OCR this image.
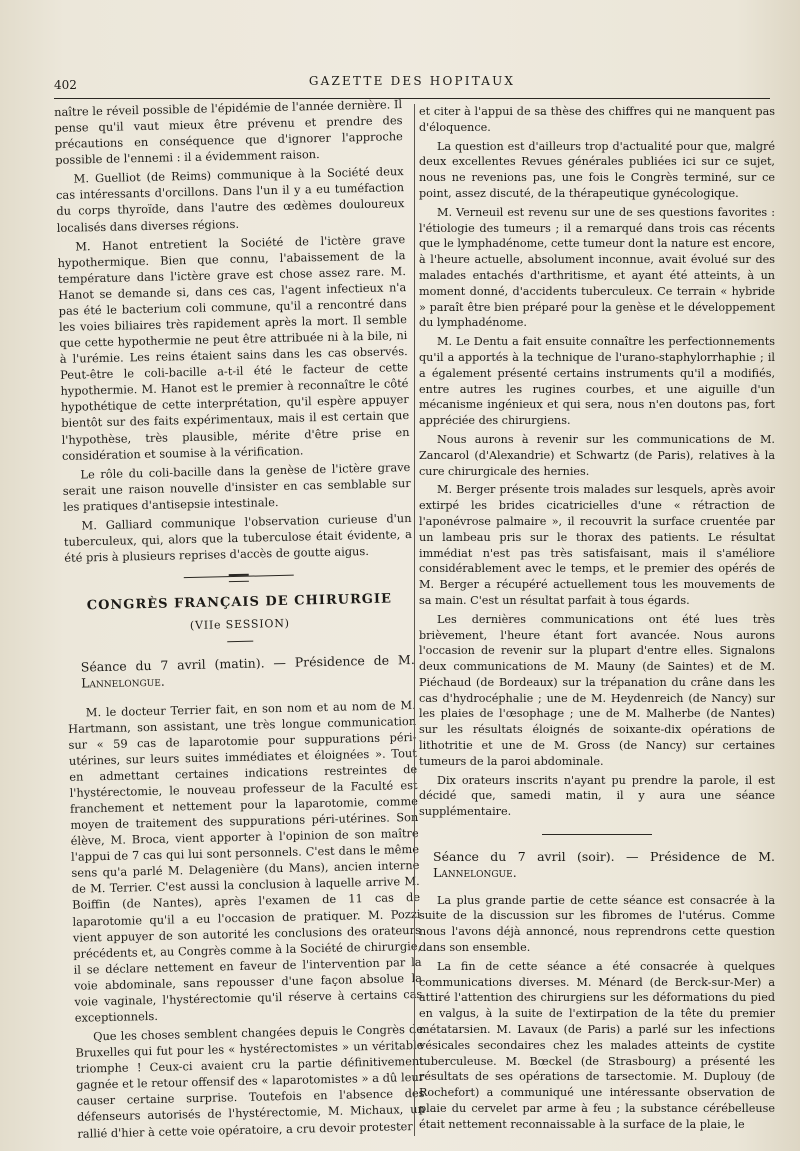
402	GAZETTE DES HOPITAUX

naître le réveil possible de l'épidémie de l'année dernière. Il pense qu'il vaut mieux être prévenu et prendre des précautions en conséquence que d'ignorer l'approche possible de l'ennemi : il a évidemment raison.

M. Guelliot (de Reims) communique à la Société deux cas intéressants d'orcillons. Dans l'un il y a eu tuméfaction du corps thyroïde, dans l'autre des œdèmes douloureux localisés dans diverses régions.

M. Hanot entretient la Société de l'ictère grave hypothermique. Bien que connu, l'abaissement de la température dans l'ictère grave est chose assez rare. M. Hanot se demande si, dans ces cas, l'agent infectieux n'a pas été le bacterium coli commune, qu'il a rencontré dans les voies biliaires très rapidement après la mort. Il semble que cette hypothermie ne peut être attribuée ni à la bile, ni à l'urémie. Les reins étaient sains dans les cas observés. Peut-être le coli-bacille a-t-il été le facteur de cette hypothermie. M. Hanot est le premier à reconnaître le côté hypothétique de cette interprétation, qu'il espère appuyer bientôt sur des faits expérimentaux, mais il est certain que l'hypothèse, très plausible, mérite d'être prise en considération et soumise à la vérification.

Le rôle du coli-bacille dans la genèse de l'ictère grave serait une raison nouvelle d'insister en cas semblable sur les pratiques d'antisepsie intestinale.

M. Galliard communique l'observation curieuse d'un tuberculeux, qui, alors que la tuberculose était évidente, a été pris à plusieurs reprises d'accès de goutte aigus.

CONGRÈS FRANÇAIS DE CHIRURGIE
(VIIe SESSION)
Séance du 7 avril (matin). — Présidence de M. Lannelongue.

M. le docteur Terrier fait, en son nom et au nom de M. Hartmann, son assistant, une très longue communication sur « 59 cas de laparotomie pour suppurations péri-utérines, sur leurs suites immédiates et éloignées ». Tout en admettant certaines indications restreintes de l'hystérectomie, le nouveau professeur de la Faculté est franchement et nettement pour la laparotomie, comme moyen de traitement des suppurations péri-utérines. Son élève, M. Broca, vient apporter à l'opinion de son maître l'appui de 7 cas qui lui sont personnels. C'est dans le même sens qu'a parlé M. Delagenière (du Mans), ancien interne de M. Terrier. C'est aussi la conclusion à laquelle arrive M. Boiffin (de Nantes), après l'examen de 11 cas de laparotomie qu'il a eu l'occasion de pratiquer. M. Pozzi vient appuyer de son autorité les conclusions des orateurs précédents et, au Congrès comme à la Société de chirurgie, il se déclare nettement en faveur de l'intervention par la voie abdominale, sans repousser d'une façon absolue la voie vaginale, l'hystérectomie qu'il réserve à certains cas exceptionnels.

Que les choses semblent changées depuis le Congrès de Bruxelles qui fut pour les « hystérectomistes » un véritable triomphe ! Ceux-ci avaient cru la partie définitivement gagnée et le retour offensif des « laparotomistes » a dû leur causer certaine surprise. Toutefois en l'absence des défenseurs autorisés de l'hystérectomie, M. Michaux, un rallié d'hier à cette voie opératoire, a cru devoir protester

et citer à l'appui de sa thèse des chiffres qui ne manquent pas d'éloquence.

La question est d'ailleurs trop d'actualité pour que, malgré deux excellentes Revues générales publiées ici sur ce sujet, nous ne revenions pas, une fois le Congrès terminé, sur ce point, assez discuté, de la thérapeutique gynécologique.

M. Verneuil est revenu sur une de ses questions favorites : l'étiologie des tumeurs ; il a remarqué dans trois cas récents que le lymphadénome, cette tumeur dont la nature est encore, à l'heure actuelle, absolument inconnue, avait évolué sur des malades entachés d'arthritisme, et ayant été atteints, à un moment donné, d'accidents tuberculeux. Ce terrain « hybride » paraît être bien préparé pour la genèse et le développement du lymphadénome.

M. Le Dentu a fait ensuite connaître les perfectionnements qu'il a apportés à la technique de l'urano-staphylorrhaphie ; il a également présenté certains instruments qu'il a modifiés, entre autres les rugines courbes, et une aiguille d'un mécanisme ingénieux et qui sera, nous n'en doutons pas, fort appréciée des chirurgiens.

Nous aurons à revenir sur les communications de M. Zancarol (d'Alexandrie) et Schwartz (de Paris), relatives à la cure chirurgicale des hernies.

M. Berger présente trois malades sur lesquels, après avoir extirpé les brides cicatricielles d'une « rétraction de l'aponévrose palmaire », il recouvrit la surface cruentée par un lambeau pris sur le thorax des patients. Le résultat immédiat n'est pas très satisfaisant, mais il s'améliore considérablement avec le temps, et le premier des opérés de M. Berger a récupéré actuellement tous les mouvements de sa main. C'est un résultat parfait à tous égards.

Les dernières communications ont été lues très brièvement, l'heure étant fort avancée. Nous aurons l'occasion de revenir sur la plupart d'entre elles. Signalons deux communications de M. Mauny (de Saintes) et de M. Piéchaud (de Bordeaux) sur la trépanation du crâne dans les cas d'hydrocéphalie ; une de M. Heydenreich (de Nancy) sur les plaies de l'œsophage ; une de M. Malherbe (de Nantes) sur les résultats éloignés de soixante-dix opérations de lithotritie et une de M. Gross (de Nancy) sur certaines tumeurs de la paroi abdominale.

Dix orateurs inscrits n'ayant pu prendre la parole, il est décidé que, samedi matin, il y aura une séance supplémentaire.

Séance du 7 avril (soir). — Présidence de M. Lannelongue.

La plus grande partie de cette séance est consacrée à la suite de la discussion sur les fibromes de l'utérus. Comme nous l'avons déjà annoncé, nous reprendrons cette question dans son ensemble.

La fin de cette séance a été consacrée à quelques communications diverses. M. Ménard (de Berck-sur-Mer) a attiré l'attention des chirurgiens sur les déformations du pied en valgus, à la suite de l'extirpation de la tête du premier métatarsien. M. Lavaux (de Paris) a parlé sur les infections vésicales secondaires chez les malades atteints de cystite tuberculeuse. M. Bœckel (de Strasbourg) a présenté les résultats de ses opérations de tarsectomie. M. Duplouy (de Rochefort) a communiqué une intéressante observation de plaie du cervelet par arme à feu ; la substance cérébelleuse était nettement reconnaissable à la surface de la plaie, le
